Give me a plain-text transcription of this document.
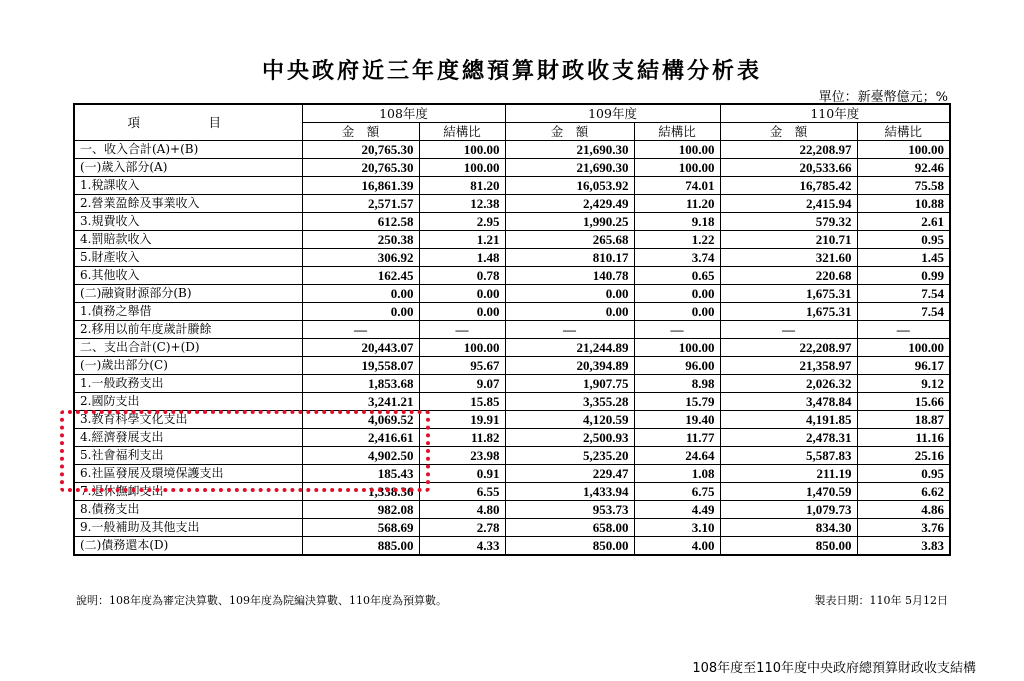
中央政府近三年度總預算財政收支結構分析表
單位：新臺幣億元；%
項　目	108年度		109年度		110年度	
	金　額	結構比	金　額	結構比	金　額	結構比
一、收入合計(A)+(B)	20,765.30	100.00	21,690.30	100.00	22,208.97	100.00
(一)歲入部分(A)	20,765.30	100.00	21,690.30	100.00	20,533.66	92.46
1.稅課收入	16,861.39	81.20	16,053.92	74.01	16,785.42	75.58
2.營業盈餘及事業收入	2,571.57	12.38	2,429.49	11.20	2,415.94	10.88
3.規費收入	612.58	2.95	1,990.25	9.18	579.32	2.61
4.罰賠款收入	250.38	1.21	265.68	1.22	210.71	0.95
5.財產收入	306.92	1.48	810.17	3.74	321.60	1.45
6.其他收入	162.45	0.78	140.78	0.65	220.68	0.99
(二)融資財源部分(B)	0.00	0.00	0.00	0.00	1,675.31	7.54
1.債務之舉借	0.00	0.00	0.00	0.00	1,675.31	7.54
2.移用以前年度歲計賸餘	—	—	—	—	—	—
二、支出合計(C)+(D)	20,443.07	100.00	21,244.89	100.00	22,208.97	100.00
(一)歲出部分(C)	19,558.07	95.67	20,394.89	96.00	21,358.97	96.17
1.一般政務支出	1,853.68	9.07	1,907.75	8.98	2,026.32	9.12
2.國防支出	3,241.21	15.85	3,355.28	15.79	3,478.84	15.66
3.教育科學文化支出	4,069.52	19.91	4,120.59	19.40	4,191.85	18.87
4.經濟發展支出	2,416.61	11.82	2,500.93	11.77	2,478.31	11.16
5.社會福利支出	4,902.50	23.98	5,235.20	24.64	5,587.83	25.16
6.社區發展及環境保護支出	185.43	0.91	229.47	1.08	211.19	0.95
7.退休撫卹支出	1,338.36	6.55	1,433.94	6.75	1,470.59	6.62
8.債務支出	982.08	4.80	953.73	4.49	1,079.73	4.86
9.一般補助及其他支出	568.69	2.78	658.00	3.10	834.30	3.76
(二)債務還本(D)	885.00	4.33	850.00	4.00	850.00	3.83
說明：108年度為審定決算數、109年度為院編決算數、110年度為預算數。	製表日期：110年 5月12日
108年度至110年度中央政府總預算財政收支結構
